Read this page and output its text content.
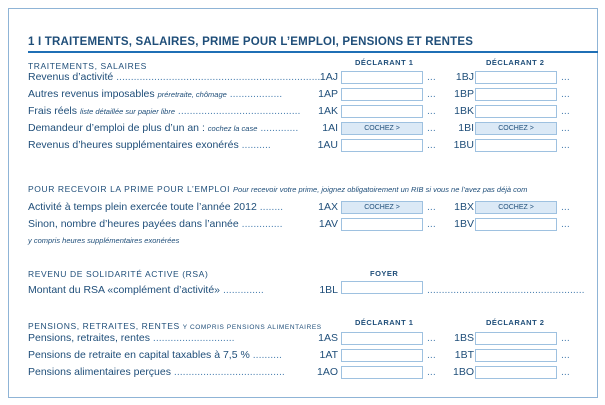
1 I TRAITEMENTS, SALAIRES, PRIME POUR L’EMPLOI, PENSIONS ET RENTES
TRAITEMENTS, SALAIRES	DÉCLARANT 1	DÉCLARANT 2
Revenus d’activité ...................................................................... 1AJ	...	1BJ	...
Autres revenus imposables préretraite, chômage ..................	1AP	...	1BP	...
Frais réels liste détaillée sur papier libre ..........................................	1AK	...	1BK	...
Demandeur d’emploi de plus d’un an : cochez la case .............	1AI	COCHEZ >	...	1BI	COCHEZ >	...
Revenus d’heures supplémentaires exonérés ..........	1AU	...	1BU	...
POUR RECEVOIR LA PRIME POUR L’EMPLOI Pour recevoir votre prime, joignez obligatoirement un RIB si vous ne l’avez pas déjà com
Activité à temps plein exercée toute l’année 2012 ........	1AX	COCHEZ >	...	1BX	COCHEZ >	...
Sinon, nombre d’heures payées dans l’année ..............	1AV	...	1BV	...
y compris heures supplémentaires exonérées
REVENU DE SOLIDARITÉ ACTIVE (RSA)	FOYER
Montant du RSA «complément d’activité» ..............	1BL	......................................................
PENSIONS, RETRAITES, RENTES Y COMPRIS PENSIONS ALIMENTAIRES
DÉCLARANT 1	DÉCLARANT 2
Pensions, retraites, rentes ............................	1AS	...	1BS	...
Pensions de retraite en capital taxables à 7,5 % ..........	1AT	...	1BT	...
Pensions alimentaires perçues ......................................	1AO	...	1BO	...
